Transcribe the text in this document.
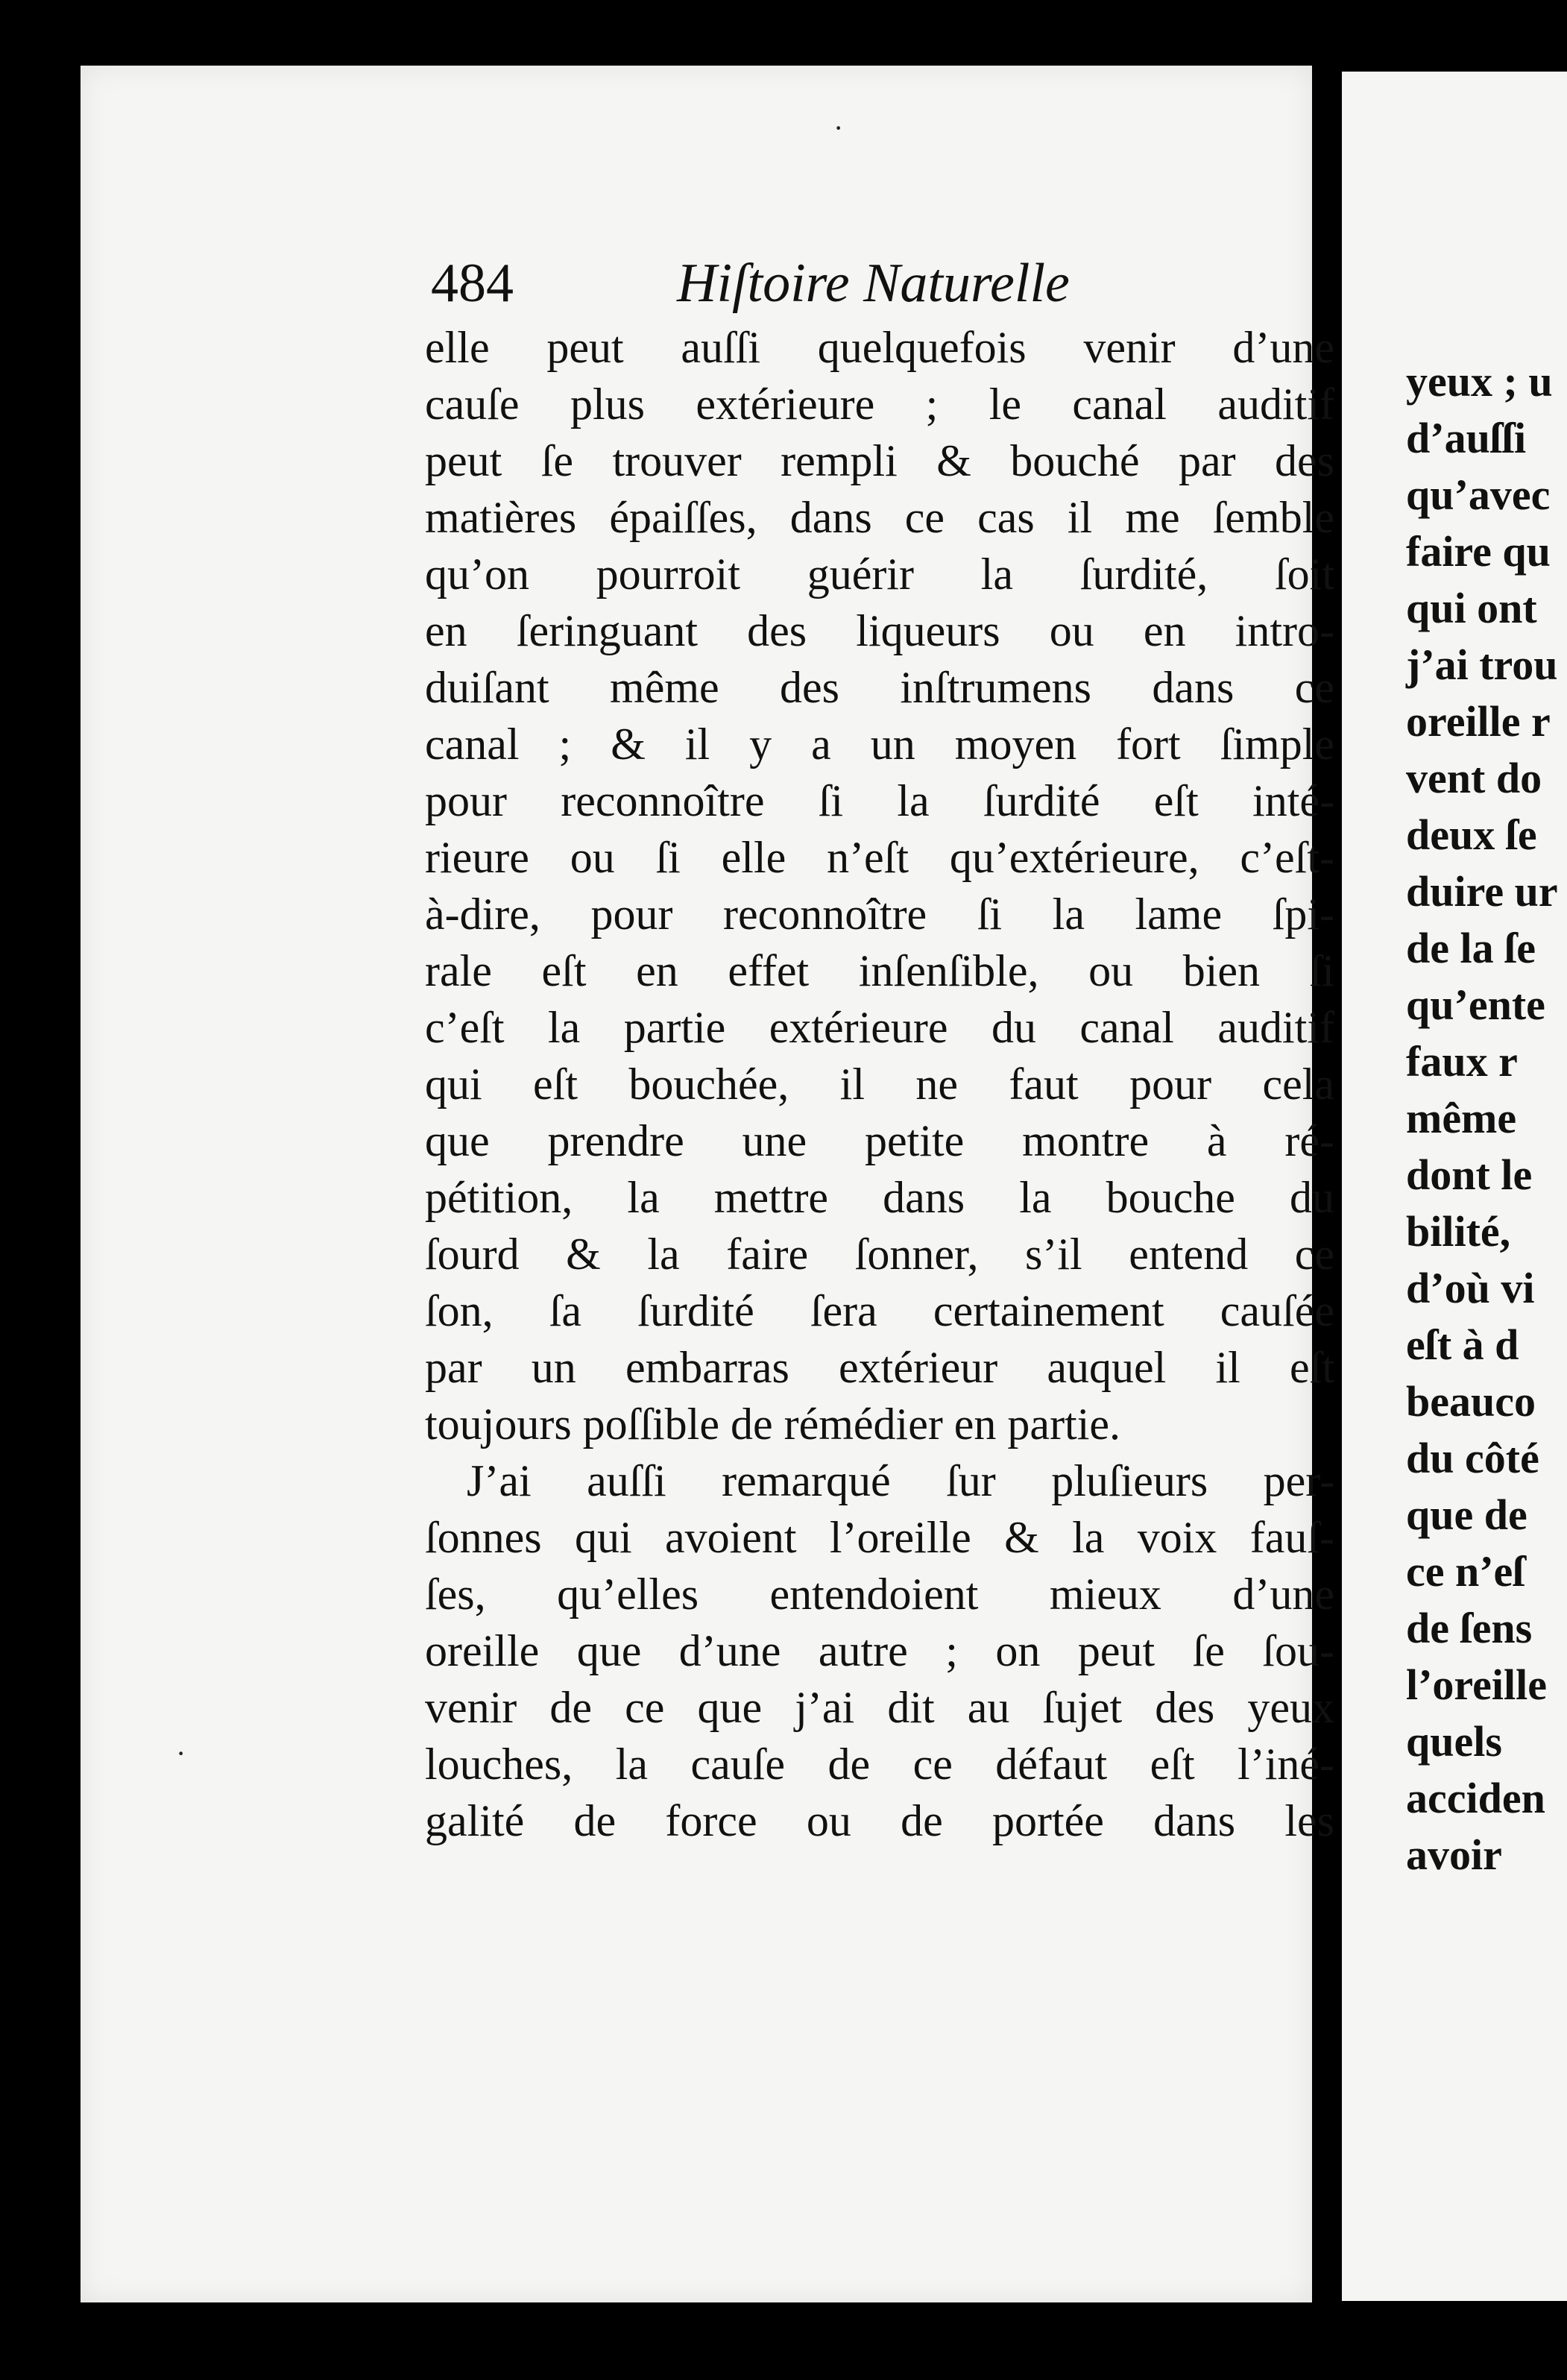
484	Hiſtoire Naturelle
elle peut auſſi quelquefois venir d’une
cauſe plus extérieure ; le canal auditif
peut ſe trouver rempli & bouché par des
matières épaiſſes, dans ce cas il me ſemble
qu’on pourroit guérir la ſurdité, ſoit
en ſeringuant des liqueurs ou en intro-
duiſant même des inſtrumens dans ce
canal ; & il y a un moyen fort ſimple
pour reconnoître ſi la ſurdité eſt inté-
rieure ou ſi elle n’eſt qu’extérieure, c’eſt-
à-dire, pour reconnoître ſi la lame ſpi-
rale eſt en effet inſenſible, ou bien ſi
c’eſt la partie extérieure du canal auditif
qui eſt bouchée, il ne faut pour cela
que prendre une petite montre à ré-
pétition, la mettre dans la bouche du
ſourd & la faire ſonner, s’il entend ce
ſon, ſa ſurdité ſera certainement cauſée
par un embarras extérieur auquel il eſt
toujours poſſible de rémédier en partie.
J’ai auſſi remarqué ſur pluſieurs per-
ſonnes qui avoient l’oreille & la voix fauſ-
ſes, qu’elles entendoient mieux d’une
oreille que d’une autre ; on peut ſe ſou-
venir de ce que j’ai dit au ſujet des yeux
louches, la cauſe de ce défaut eſt l’iné-
galité de force ou de portée dans les
·
·
yeux ; u
d’auſſi
qu’avec
faire qu
qui ont
j’ai trou
oreille r
vent do
deux ſe
duire ur
de la ſe
qu’ente
faux r
même
dont le
bilité,
d’où vi
eſt à d
beauco
du côté
que de
ce n’eſ
de ſens
l’oreille
quels
acciden
avoir
